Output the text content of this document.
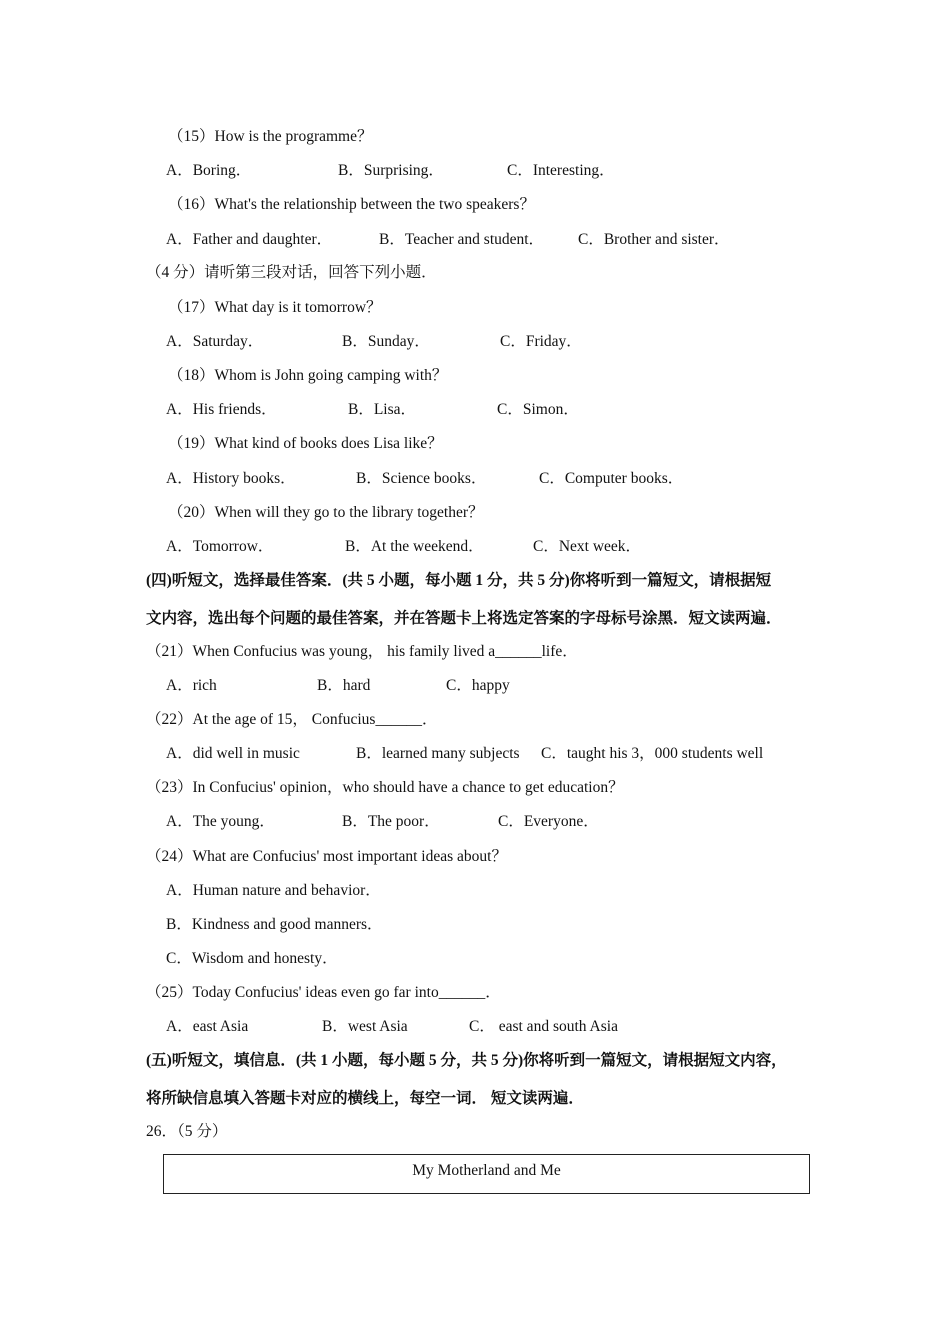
（15）How is the programme？
A．Boring．	B．Surprising．	C．Interesting．
（16）What's the relationship between the two speakers？
A．Father and daughter．	B．Teacher and student． C．Brother and sister．
（4 分）请听第三段对话，回答下列小题．
（17）What day is it tomorrow？
A．Saturday．	B．Sunday．	C．Friday．
（18）Whom is John going camping with？
A．His friends．	B．Lisa．	C．Simon．
（19）What kind of books does Lisa like？
A．History books．	B．Science books．	C．Computer books．
（20）When will they go to the library together？
A．Tomorrow．	B．At the weekend．	C．Next week．
(四)听短文，选择最佳答案．(共 5 小题，每小题 1 分，共 5 分)你将听到一篇短文，请根据短
文内容，选出每个问题的最佳答案，并在答题卡上将选定答案的字母标号涂黑．短文读两遍．
（21）When Confucius was young， his family lived a______life．
A．rich	B．hard	C．happy
（22）At the age of 15， Confucius______．
A．did well in music	B．learned many subjects C．taught his 3，000 students well
（23）In Confucius' opinion，who should have a chance to get education？
A．The young．	B．The poor．	C．Everyone．
（24）What are Confucius' most important ideas about？
A．Human nature and behavior．
B．Kindness and good manners．
C．Wisdom and honesty．
（25）Today Confucius' ideas even go far into______．
A．east Asia	B．west Asia	C． east and south Asia
(五)听短文，填信息．(共 1 小题，每小题 5 分，共 5 分)你将听到一篇短文，请根据短文内容，
将所缺信息填入答题卡对应的横线上，每空一词． 短文读两遍．
26．（5 分）
My Motherland and Me
